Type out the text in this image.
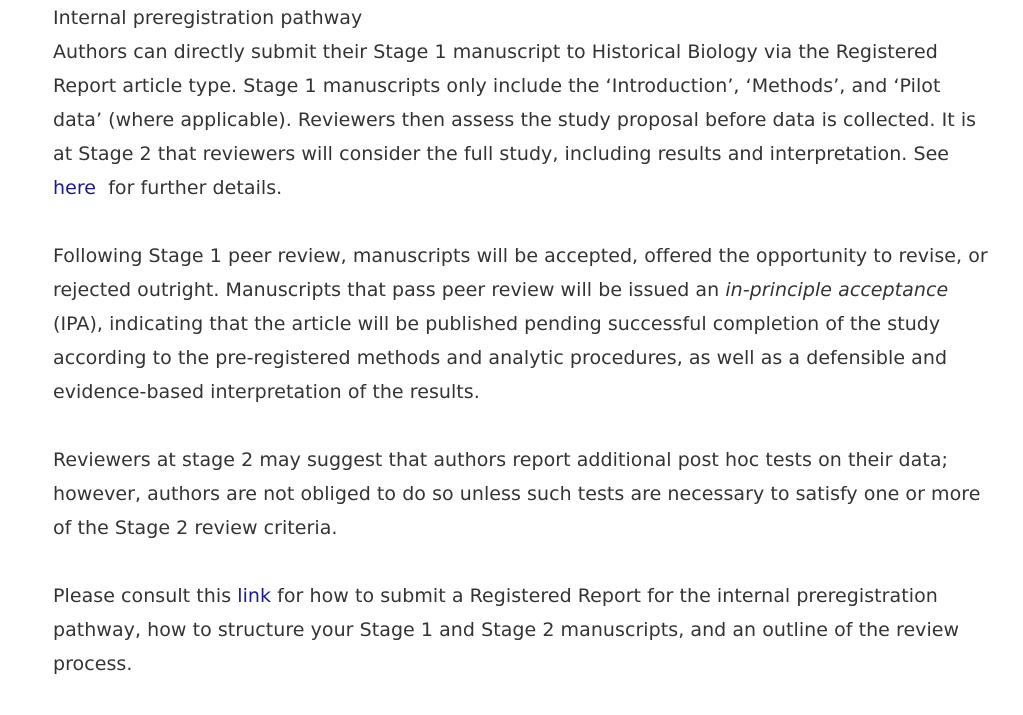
Internal preregistration pathway

Authors can directly submit their Stage 1 manuscript to Historical Biology via the Registered Report article type. Stage 1 manuscripts only include the ‘Introduction’, ‘Methods’, and ‘Pilot data’ (where applicable). Reviewers then assess the study proposal before data is collected. It is at Stage 2 that reviewers will consider the full study, including results and interpretation. See here  for further details.

Following Stage 1 peer review, manuscripts will be accepted, offered the opportunity to revise, or rejected outright. Manuscripts that pass peer review will be issued an in-principle acceptance (IPA), indicating that the article will be published pending successful completion of the study according to the pre-registered methods and analytic procedures, as well as a defensible and evidence-based interpretation of the results.

Reviewers at stage 2 may suggest that authors report additional post hoc tests on their data; however, authors are not obliged to do so unless such tests are necessary to satisfy one or more of the Stage 2 review criteria.

Please consult this link for how to submit a Registered Report for the internal preregistration pathway, how to structure your Stage 1 and Stage 2 manuscripts, and an outline of the review process.
